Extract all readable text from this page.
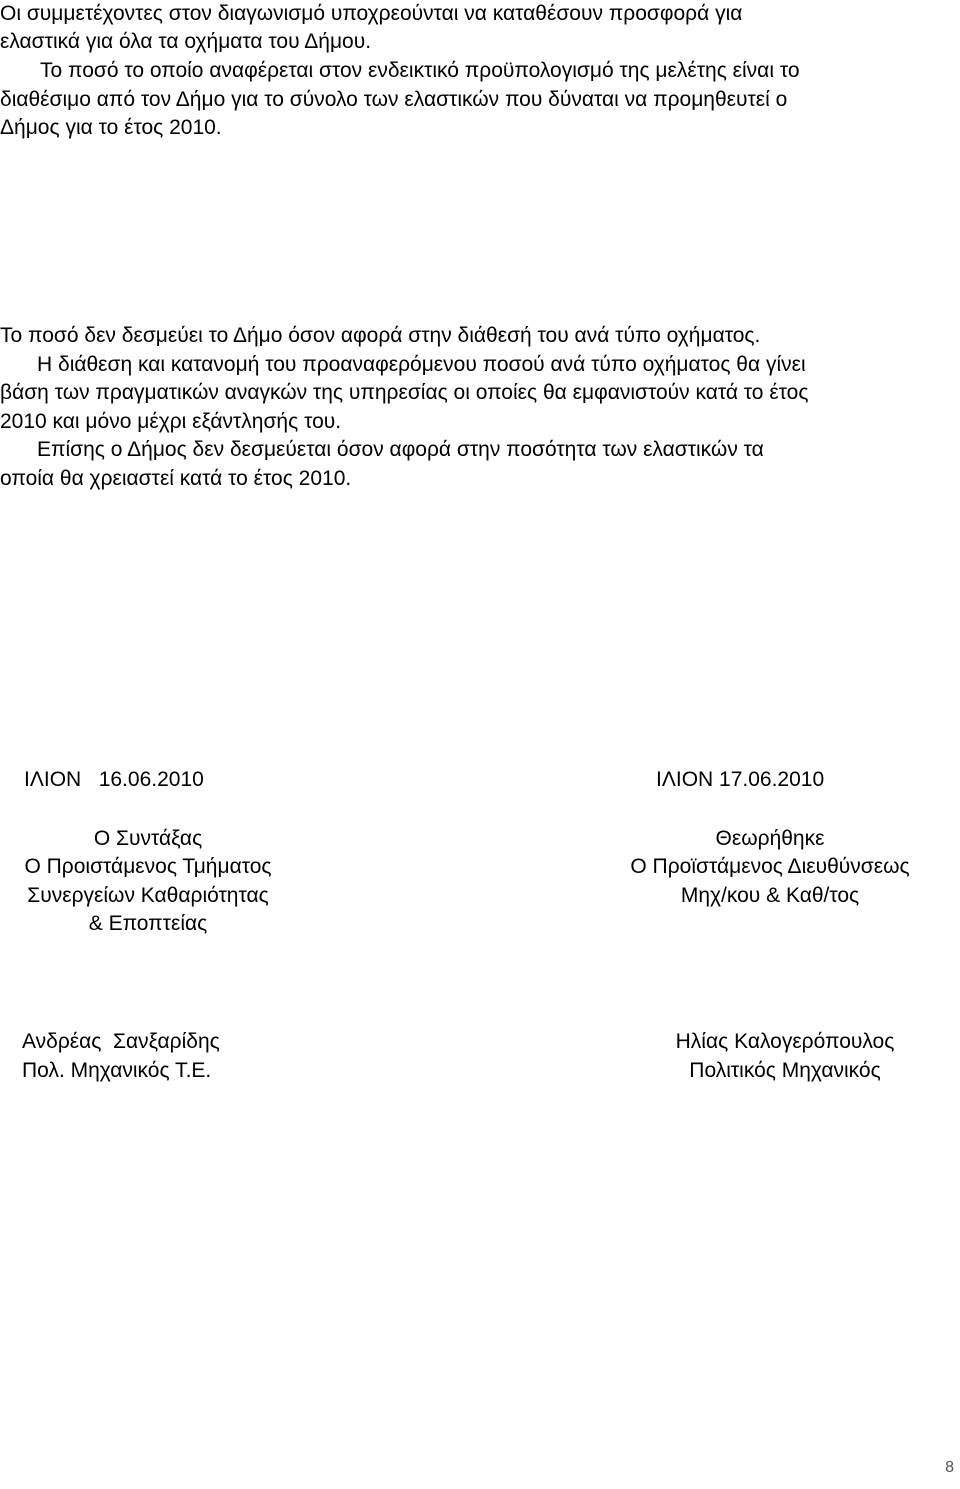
Οι συμμετέχοντες στον διαγωνισμό υποχρεούνται να καταθέσουν προσφορά για
ελαστικά για όλα τα οχήματα του Δήμου.
Το ποσό το οποίο αναφέρεται στον ενδεικτικό προϋπολογισμό της μελέτης είναι το
διαθέσιμο από τον Δήμο για το σύνολο των ελαστικών που δύναται να προμηθευτεί ο
Δήμος για το έτος 2010.
Το ποσό δεν δεσμεύει το Δήμο όσον αφορά στην διάθεσή του ανά τύπο οχήματος.
Η διάθεση και κατανομή του προαναφερόμενου ποσού ανά τύπο οχήματος θα γίνει
βάση των πραγματικών αναγκών της υπηρεσίας οι οποίες θα εμφανιστούν κατά το έτος
2010 και μόνο μέχρι εξάντλησής του.
Επίσης ο Δήμος δεν δεσμεύεται όσον αφορά στην ποσότητα των ελαστικών τα
οποία θα χρειαστεί κατά το έτος 2010.
ΙΛΙΟΝ   16.06.2010
Ο Συντάξας
Ο Προιστάμενος Τμήματος
Συνεργείων Καθαριότητας
& Εποπτείας
Ανδρέας  Σανξαρίδης
Πολ. Μηχανικός Τ.Ε.
ΙΛΙΟΝ 17.06.2010
Θεωρήθηκε
Ο Προϊστάμενος Διευθύνσεως
Μηχ/κου & Καθ/τος
Ηλίας Καλογερόπουλος
Πολιτικός Μηχανικός
8
